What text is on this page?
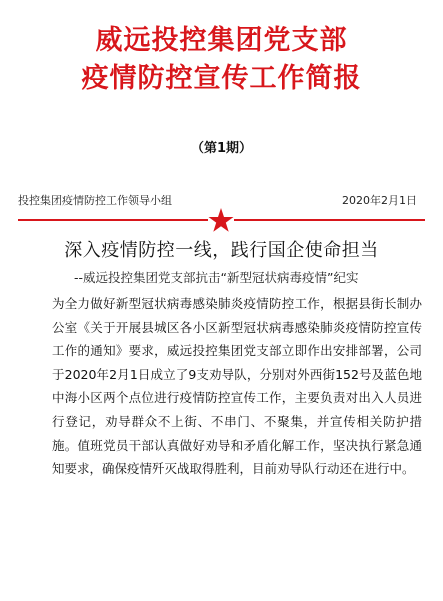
威远投控集团党支部
疫情防控宣传工作简报
（第1期）
投控集团疫情防控工作领导小组	2020年2月1日
深入疫情防控一线，践行国企使命担当
--威远投控集团党支部抗击“新型冠状病毒疫情”纪实
为全力做好新型冠状病毒感染肺炎疫情防控工作，根据县街长制办公室《关于开展县城区各小区新型冠状病毒感染肺炎疫情防控宣传工作的通知》要求，威远投控集团党支部立即作出安排部署，公司于2020年2月1日成立了9支劝导队，分别对外西街152号及蓝色地中海小区两个点位进行疫情防控宣传工作，主要负责对出入人员进行登记，劝导群众不上街、不串门、不聚集，并宣传相关防护措施。值班党员干部认真做好劝导和矛盾化解工作，坚决执行紧急通知要求，确保疫情歼灭战取得胜利，目前劝导队行动还在进行中。
